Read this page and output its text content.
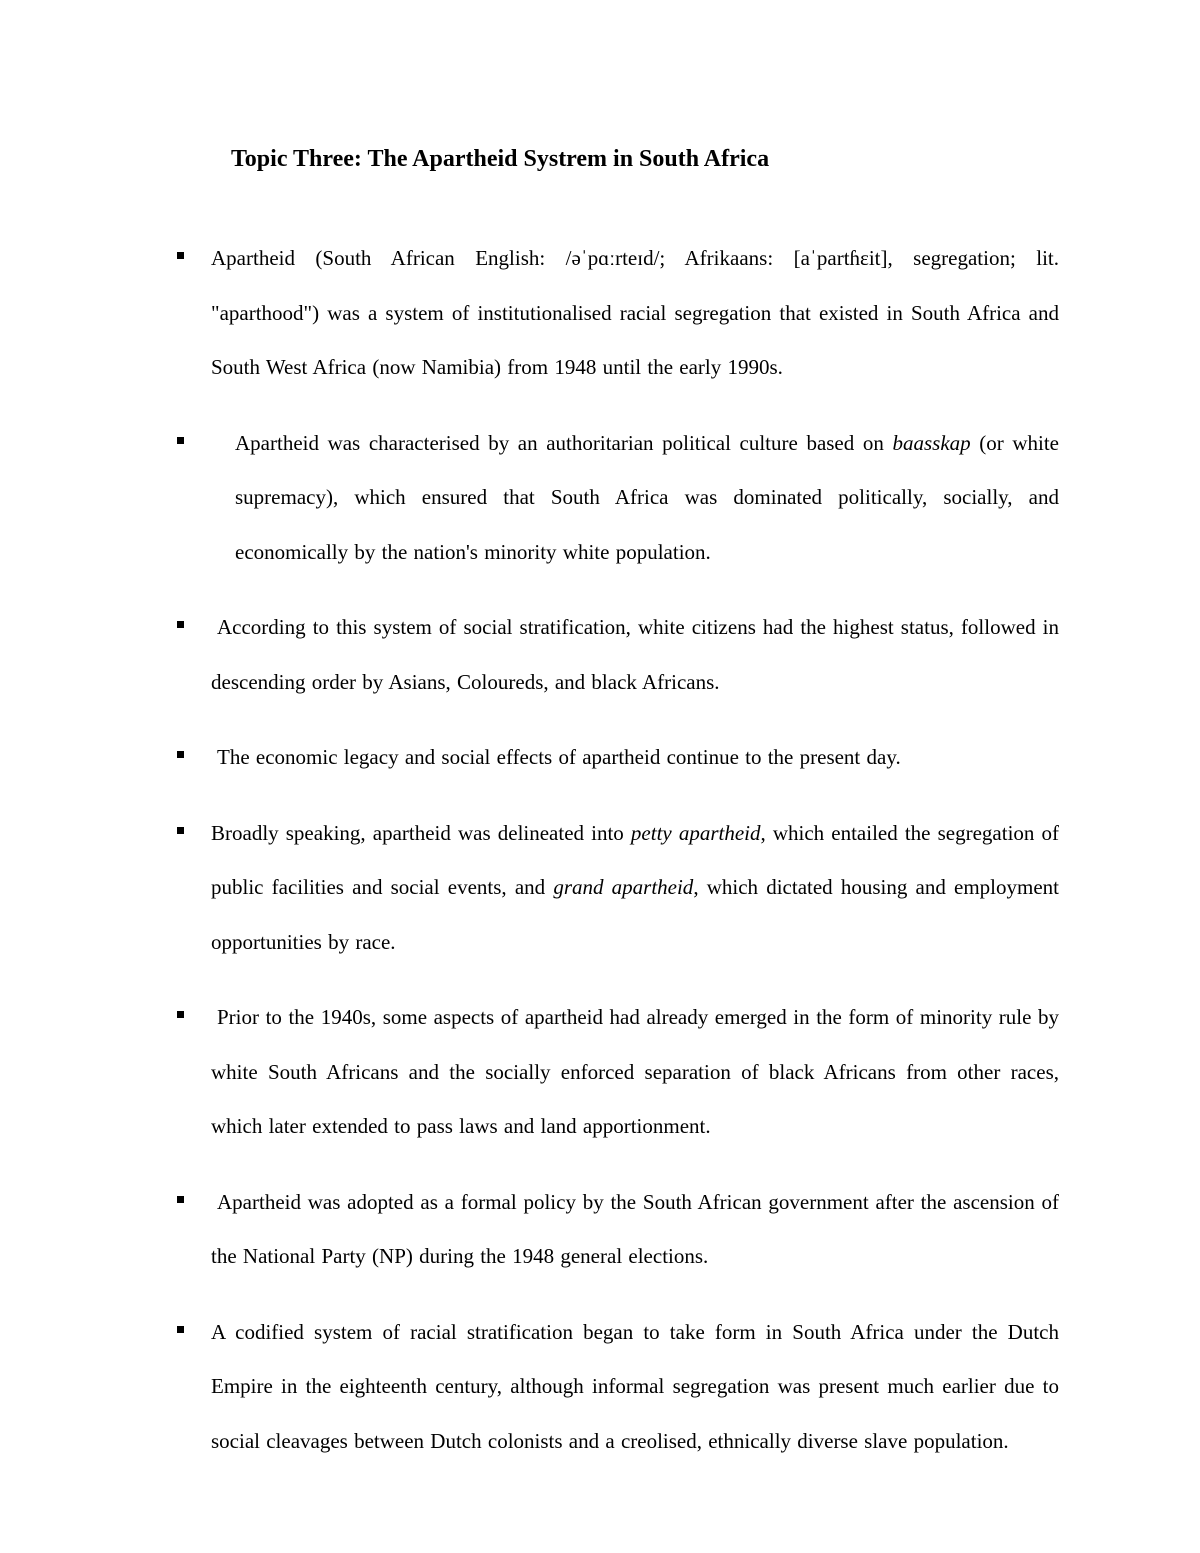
Topic Three: The Apartheid Systrem in South Africa

Apartheid (South African English: /əˈpɑːrteɪd/; Afrikaans: [aˈpartɦɛit], segregation; lit. "aparthood") was a system of institutionalised racial segregation that existed in South Africa and South West Africa (now Namibia) from 1948 until the early 1990s.

Apartheid was characterised by an authoritarian political culture based on baasskap (or white supremacy), which ensured that South Africa was dominated politically, socially, and economically by the nation's minority white population.

According to this system of social stratification, white citizens had the highest status, followed in descending order by Asians, Coloureds, and black Africans.

The economic legacy and social effects of apartheid continue to the present day.

Broadly speaking, apartheid was delineated into petty apartheid, which entailed the segregation of public facilities and social events, and grand apartheid, which dictated housing and employment opportunities by race.

Prior to the 1940s, some aspects of apartheid had already emerged in the form of minority rule by white South Africans and the socially enforced separation of black Africans from other races, which later extended to pass laws and land apportionment.

Apartheid was adopted as a formal policy by the South African government after the ascension of the National Party (NP) during the 1948 general elections.

A codified system of racial stratification began to take form in South Africa under the Dutch Empire in the eighteenth century, although informal segregation was present much earlier due to social cleavages between Dutch colonists and a creolised, ethnically diverse slave population.
